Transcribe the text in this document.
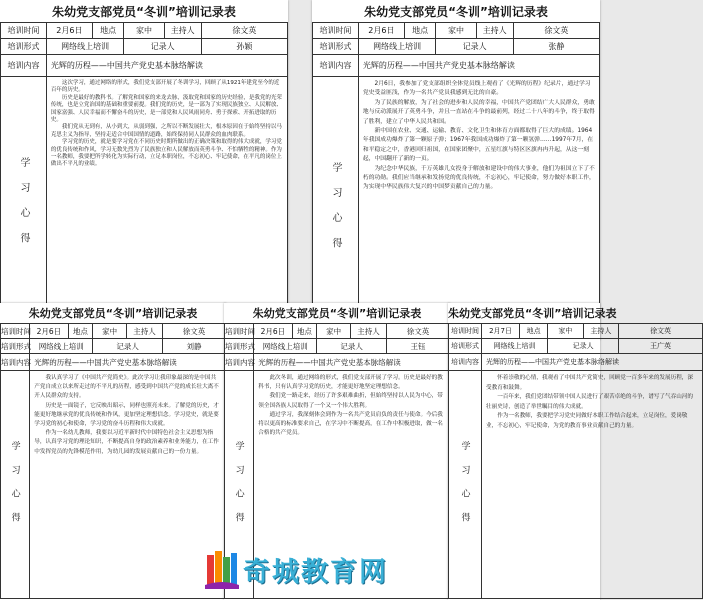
朱幼党支部党员“冬训”培训记录表
培训时间	2月6日	地点	家中	主持人	徐文英
培训形式	网络线上培训		记录人		孙颖
培训内容	光辉的历程——中国共产党史基本脉络解读				

学 习 心 得	这次学习，通过网络的形式，我们党支部开展了冬训学习，回顾了从1921年建党至今的近百年的历史。

历史是最好的教科书。了解党和国家的来龙去脉，汲取党和国家的历史经验，是我党的光荣传统，也是立党治国的基础和重要前提。我们党的历史，是一部为了实现民族独立、人民解放、国家富强、人民幸福而不懈奋斗的历史，是一部党和人民风雨同舟、勇于探索、开拓进取的历史。

我们党从无到有，从小到大，从弱到强，之所以不断发展壮大，根本原因在于始终坚持以马克思主义为指导，坚持走适合中国国情的道路，始终保持同人民群众的血肉联系。

学习党的历史，就是要学习党在不同历史时期所做出的正确决策和取得的伟大成就，学习党的优良传统和作风，学习无数先烈为了民族独立和人民解放而英勇斗争、不怕牺牲的精神。作为一名教师，我要把所学转化为实际行动，立足本职岗位，不忘初心、牢记使命，在平凡的岗位上做出不平凡的业绩。				

朱幼党支部党员“冬训”培训记录表
培训时间	2月6日	地点	家中	主持人	徐文英
培训形式	网络线上培训		记录人		张静
培训内容	光辉的历程——中国共产党史基本脉络解读				

学 习 心 得	2月6日，我参加了党支部组织全体党员线上观看了《光辉的历程》纪录片，通过学习党史受益匪浅，作为一名共产党员我感到无比的自豪。

为了民族的解放，为了社会的进步和人民的幸福，中国共产党团结广大人民群众，勇敢地与反动派展开了英勇斗争，并且一直站在斗争的最前列，经过二十八年的斗争，终于取得了胜利，建立了中华人民共和国。

新中国在农业、交通、运输、教育、文化卫生和体育方面都取得了巨大的成绩。1964年我国成功爆炸了第一颗原子弹；1967年我国成功爆炸了第一颗氢弹……1997年7月，在和平稳定之中，香港回归祖国，在国家团聚中，五星红旗与特区区旗冉冉升起，从这一刻起，中国翻开了新的一页。

为纪念中华民族，千万英雄儿女投身于解放和建设中的伟大事业，他们为祖国立下了不朽的功勋。我们应当继承和发扬党的优良传统，不忘初心，牢记使命，努力做好本职工作，为实现中华民族伟大复兴的中国梦贡献自己的力量。				

朱幼党支部党员“冬训”培训记录表
培训时间	2月6日	地点	家中	主持人	徐文英
培训形式	网络线上培训		记录人		刘静
培训内容	光辉的历程——中国共产党史基本脉络解读				

学 习 心 得	我认真学习了《中国共产党简史》。此次学习让我印象最深的是中国共产党自成立以来所走过的不平凡的历程，感受到中国共产党的成长壮大离不开人民群众的支持。

历史是一面镜子，它反映出昭示，同样也照亮未来。了解党的历史，才能更好地继承党的优良传统和作风，更加坚定理想信念。学习党史，就是要学习党的初心和使命，学习党的奋斗历程和伟大成就。

作为一名幼儿教师，我要以习近平新时代中国特色社会主义思想为指导，认真学习党的理论知识，不断提高自身的政治素养和业务能力，在工作中发挥党员的先锋模范作用，为幼儿园的发展贡献自己的一份力量。				

朱幼党支部党员“冬训”培训记录表
培训时间	2月6日	地点	家中	主持人	徐文英
培训形式	网络线上培训		记录人		王钰
培训内容	光辉的历程——中国共产党史基本脉络解读				

学 习 心 得	此次冬训，通过网络的形式，我们党支部开展了学习。历史是最好的教科书，只有认真学习党的历史，才能更好地坚定理想信念。

我们党一路走来，经历了许多艰难曲折，但始终坚持以人民为中心，带领全国各族人民取得了一个又一个伟大胜利。

通过学习，我深刻体会到作为一名共产党员肩负的责任与使命。今后我将以更高的标准要求自己，在学习中不断提高，在工作中积极进取，做一名合格的共产党员。				

朱幼党支部党员“冬训”培训记录表
培训时间	2月7日	地点	家中	主持人	徐文英
培训形式	网络线上培训		记录人		王广英
培训内容	光辉的历程——中国共产党史基本脉络解读				

学 习 心 得	怀着崇敬的心情，我观看了中国共产党简史，回顾党一百多年来的发展历程，深受教育和鼓舞。

一百年来，我们党团结带领中国人民进行了艰苦卓绝的斗争，谱写了气吞山河的壮丽史诗，创造了举世瞩目的伟大成就。

作为一名教师，我要把学习党史同做好本职工作结合起来，立足岗位，爱岗敬业，不忘初心，牢记使命，为党的教育事业贡献自己的力量。				

奇城教育网
